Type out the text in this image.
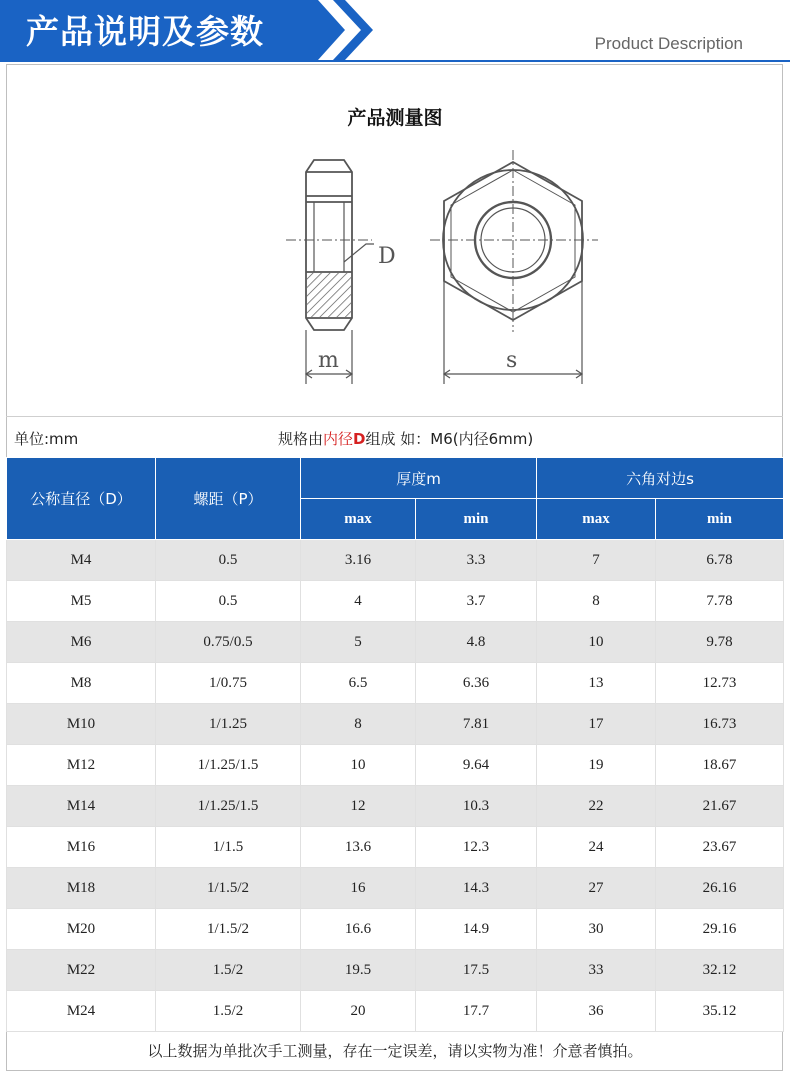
产品说明及参数	Product Description
产品测量图
D
m	s
单位:mm	规格由内径D组成 如：M6(内径6mm)
公称直径（D）	螺距（P）	厚度m		六角对边s	
		max	min	max	min
M4	0.5	3.16	3.3	7	6.78
M5	0.5	4	3.7	8	7.78
M6	0.75/0.5	5	4.8	10	9.78
M8	1/0.75	6.5	6.36	13	12.73
M10	1/1.25	8	7.81	17	16.73
M12	1/1.25/1.5	10	9.64	19	18.67
M14	1/1.25/1.5	12	10.3	22	21.67
M16	1/1.5	13.6	12.3	24	23.67
M18	1/1.5/2	16	14.3	27	26.16
M20	1/1.5/2	16.6	14.9	30	29.16
M22	1.5/2	19.5	17.5	33	32.12
M24	1.5/2	20	17.7	36	35.12
以上数据为单批次手工测量，存在一定误差，请以实物为准！介意者慎拍。
